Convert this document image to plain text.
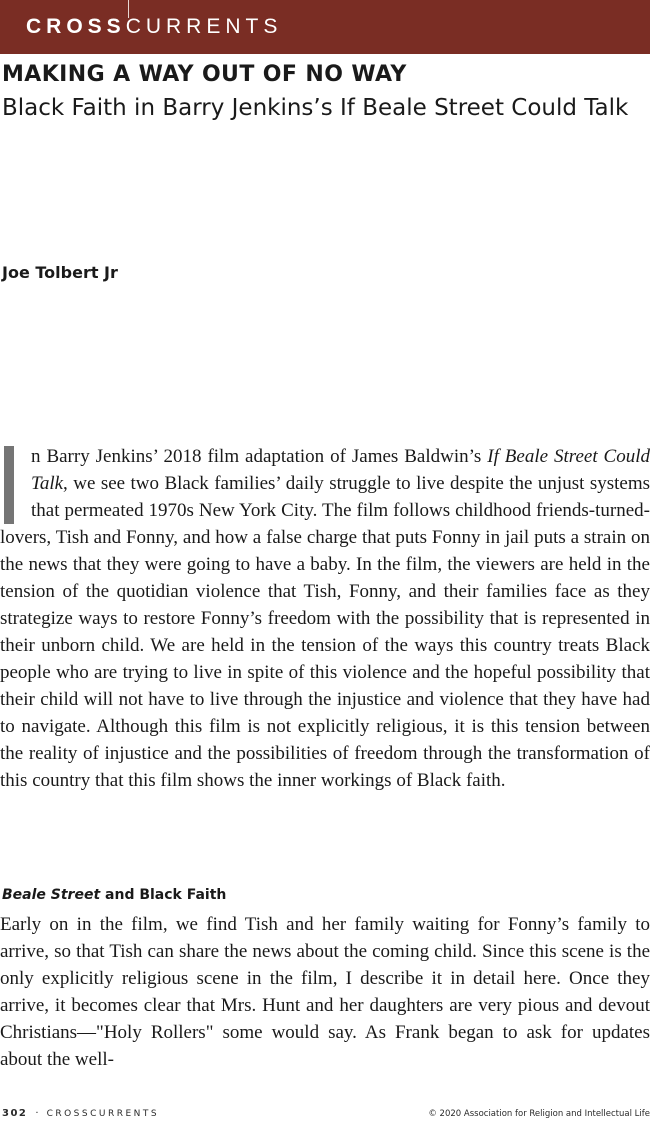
CROSSCURRENTS
MAKING A WAY OUT OF NO WAY
Black Faith in Barry Jenkins’s If Beale Street Could Talk

Joe Tolbert Jr

n Barry Jenkins’ 2018 film adaptation of James Baldwin’s If Beale Street Could Talk, we see two Black families’ daily struggle to live despite the unjust systems that permeated 1970s New York City. The film follows childhood friends-turned-lovers, Tish and Fonny, and how a false charge that puts Fonny in jail puts a strain on the news that they were going to have a baby. In the film, the viewers are held in the tension of the quotidian violence that Tish, Fonny, and their families face as they strategize ways to restore Fonny’s freedom with the possibility that is represented in their unborn child. We are held in the tension of the ways this country treats Black people who are trying to live in spite of this violence and the hopeful possibility that their child will not have to live through the injustice and violence that they have had to navigate. Although this film is not explicitly religious, it is this tension between the reality of injustice and the possibilities of freedom through the transformation of this country that this film shows the inner workings of Black faith.

Beale Street and Black Faith

Early on in the film, we find Tish and her family waiting for Fonny’s family to arrive, so that Tish can share the news about the coming child. Since this scene is the only explicitly religious scene in the film, I describe it in detail here. Once they arrive, it becomes clear that Mrs. Hunt and her daughters are very pious and devout Christians—"Holy Rollers" some would say. As Frank began to ask for updates about the well-

302 · CROSSCURRENTS	© 2020 Association for Religion and Intellectual Life
